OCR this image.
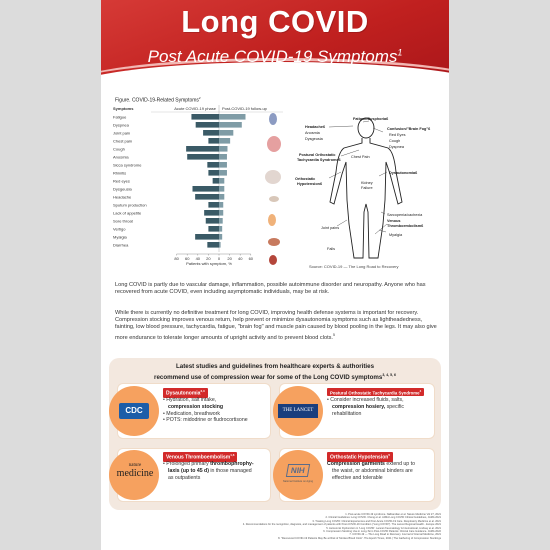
Long COVID
Post Acute COVID-19 Symptoms$^1$
Figure. COVID-19-Related Symptoms$^2$
Symptoms	Acute COVID-19 phase Post-COVID-19 follow-up
Fatigue
Dyspnea
Joint pain
Chest pain
Cough
Anosmia
Sicca syndrome
Rhinitis
Red eyes
Dysgeusia
Headache
Sputum production
Lack of appetite
Sore throat
Vertigo
Myalgia
Diarrhea
80 60 40 20 0 20 40 60
Patients with symptom, %
Fatigue/Dysphoria6
Headache6
Anosmia
Dysgeusia
Confusion/"Brain Fog"6
Red Eyes
Cough
Dyspnea
Postural Orthostatic
Tachycardia Syndrome6
Chest Pain
Orthostatic
Hypotension6
Dysautonomia6
Kidney
Failure
Sarcopenia/cachexia
Venous
Thromboembolism6
Joint pains
Myalgia
Falls
Source: COVID-19 — The Long Road to Recovery
Long COVID is partly due to vascular damage, inflammation, possible autoimmune disorder and neuropathy. Anyone who has recovered from acute COVID, even including asymptomatic individuals, may be at risk.
While there is currently no definitive treatment for long COVID, improving health defense systems is important for recovery. Compression stocking improves venous return, help prevent or minimize dysautonomia symptoms such as lightheadedness, fainting, low blood pressure, tachycardia, fatigue, "brain fog" and muscle pain caused by blood pooling in the legs. It may also give more endurance to tolerate longer amounts of upright activity and to prevent blood clots.$^5$
Latest studies and guidelines from healthcare experts & authorities
recommend use of compression wear for some of the Long COVID symptoms$^{3, 4, 5, 6}$
CDC
Dysautonomia$^{2,3}$
• Hydration, salt intake,
compression stocking
• Medication, breathwork
• POTS: midodrine or fludrocortisone
THE LANCET
Postural Orthostatic Tachycardia Syndrome$^4$
• Consider increased fluids, salts,
compression hosiery, specific
rehabilitation
nature
medicine
Venous Thromboembolism$^{1,6}$
• Prolonged primary thrombophrophy-
laxis (up to 45 d) in those managed
as outpatients
NIH
National Institute on Aging
Orthostatic Hypotension$^5$
Compression garments extend up to
the waist, or abdominal binders are
effective and tolerable
1. Post-acute COVID-19 syndrome. Nalbandian et al. Nature Medicine Vol 27, 2021
2. Clinical Guidelines: Long COVID. Cheng et al. JAMA Long COVID Clinical Guidelines, JAMA 2021
3. Treating Long COVID: Clinical Experiences and Post-Acute COVID-19 Care. Respiratory Medicine et al. 2021
4. Recommendations for the recognition, diagnosis, and management of patients with Post-COVID-19 Condition ("Long COVID"). The Lancet Regional Health - Europe 2021
5. Autonomic Dysfunction in 'Long COVID'. Lancet rheumatology & International, Lindsay et al. 2021
6. Compression Stocking Use in Long-Term Post-COVID Patients: Clinical Care Guidance. JAMA 2022
7. COVID-19 — The Long Road to Recovery. Journal of Internal Medicine, 2021
8. "Recovered COVID-19 Patients May Be at Risk of Strokes Blood Clots". The Epoch Times, 2021 | The Gathering of Compression Stockings
